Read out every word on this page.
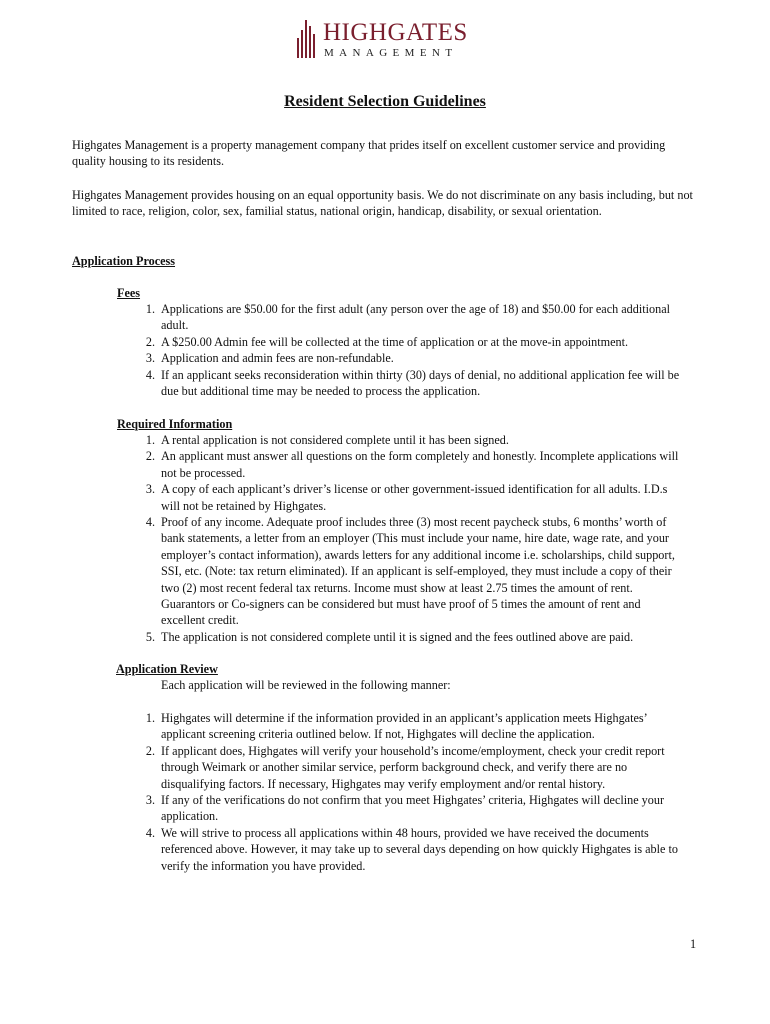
HIGHGATES
MANAGEMENT
Resident Selection Guidelines
Highgates Management is a property management company that prides itself on excellent customer service and providing quality housing to its residents.
Highgates Management provides housing on an equal opportunity basis. We do not discriminate on any basis including, but not limited to race, religion, color, sex, familial status, national origin, handicap, disability, or sexual orientation.
Application Process
Fees
1. Applications are $50.00 for the first adult (any person over the age of 18) and $50.00 for each additional adult.
2. A $250.00 Admin fee will be collected at the time of application or at the move-in appointment.
3. Application and admin fees are non-refundable.
4. If an applicant seeks reconsideration within thirty (30) days of denial, no additional application fee will be due but additional time may be needed to process the application.
Required Information
1. A rental application is not considered complete until it has been signed.
2. An applicant must answer all questions on the form completely and honestly. Incomplete applications will not be processed.
3. A copy of each applicant’s driver’s license or other government-issued identification for all adults. I.D.s will not be retained by Highgates.
4. Proof of any income. Adequate proof includes three (3) most recent paycheck stubs, 6 months’ worth of bank statements, a letter from an employer (This must include your name, hire date, wage rate, and your employer’s contact information), awards letters for any additional income i.e. scholarships, child support, SSI, etc. (Note: tax return eliminated). If an applicant is self-employed, they must include a copy of their two (2) most recent federal tax returns. Income must show at least 2.75 times the amount of rent. Guarantors or Co-signers can be considered but must have proof of 5 times the amount of rent and excellent credit.
5. The application is not considered complete until it is signed and the fees outlined above are paid.
Application Review
Each application will be reviewed in the following manner:
1. Highgates will determine if the information provided in an applicant’s application meets Highgates’ applicant screening criteria outlined below. If not, Highgates will decline the application.
2. If applicant does, Highgates will verify your household’s income/employment, check your credit report through Weimark or another similar service, perform background check, and verify there are no disqualifying factors. If necessary, Highgates may verify employment and/or rental history.
3. If any of the verifications do not confirm that you meet Highgates’ criteria, Highgates will decline your application.
4. We will strive to process all applications within 48 hours, provided we have received the documents referenced above. However, it may take up to several days depending on how quickly Highgates is able to verify the information you have provided.
1
